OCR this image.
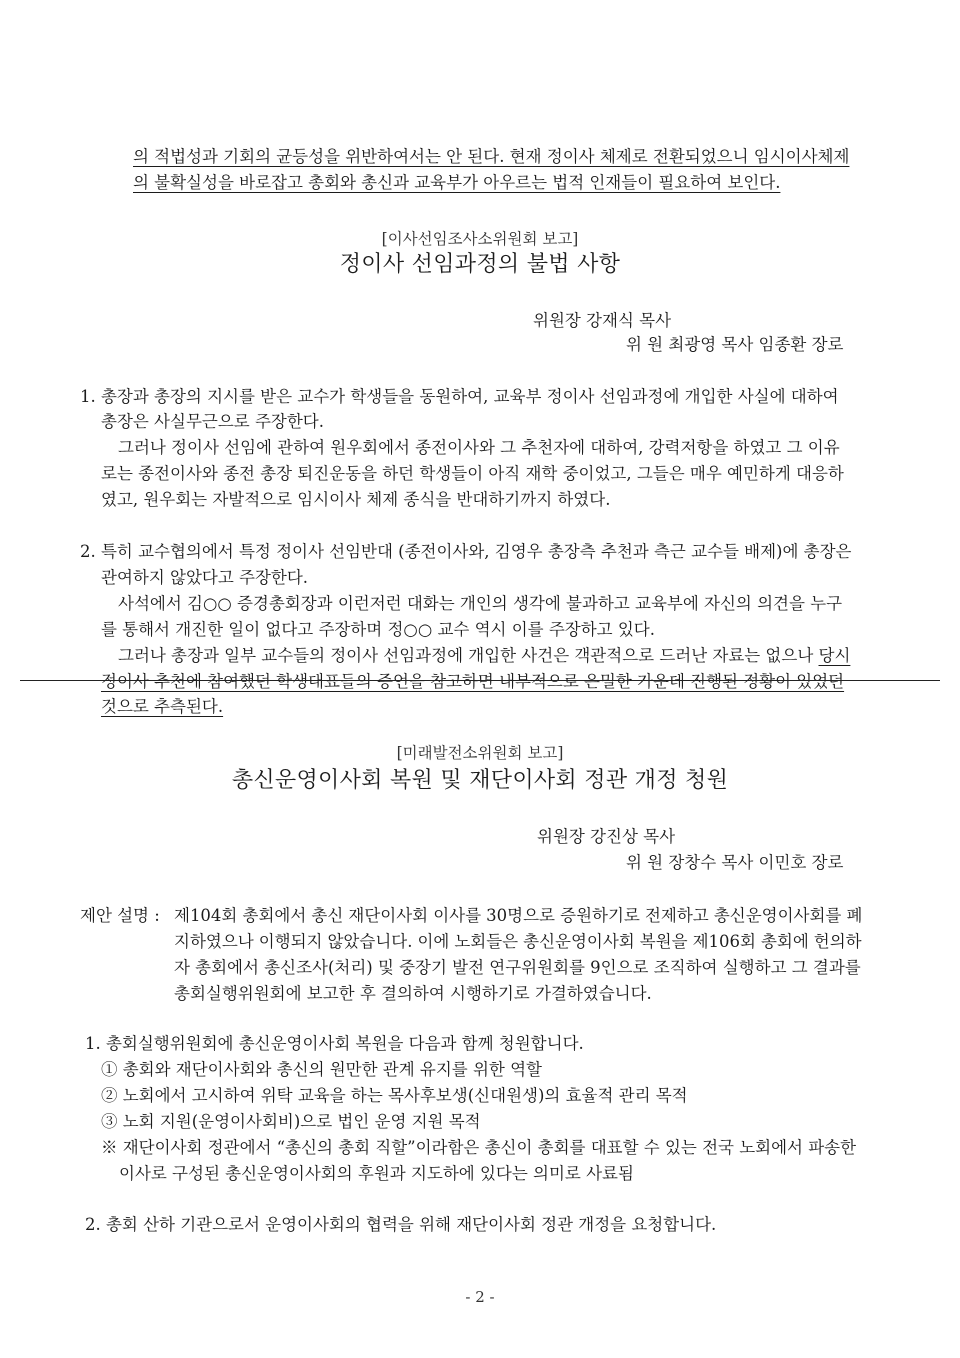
의 적법성과 기회의 균등성을 위반하여서는 안 된다. 현재 정이사 체제로 전환되었으니 임시이사체제
의 불확실성을 바로잡고 총회와 총신과 교육부가 아우르는 법적 인재들이 필요하여 보인다.
[이사선임조사소위원회 보고]
정이사 선임과정의 불법 사항
위원장 강재식 목사
위 원 최광영 목사 임종환 장로
1. 총장과 총장의 지시를 받은 교수가 학생들을 동원하여, 교육부 정이사 선임과정에 개입한 사실에 대하여
총장은 사실무근으로 주장한다.
그러나 정이사 선임에 관하여 원우회에서 종전이사와 그 추천자에 대하여, 강력저항을 하였고 그 이유
로는 종전이사와 종전 총장 퇴진운동을 하던 학생들이 아직 재학 중이었고, 그들은 매우 예민하게 대응하
였고, 원우회는 자발적으로 임시이사 체제 종식을 반대하기까지 하였다.
2. 특히 교수협의에서 특정 정이사 선임반대 (종전이사와, 김영우 총장측 추천과 측근 교수들 배제)에 총장은
관여하지 않았다고 주장한다.
사석에서 김○○ 증경총회장과 이런저런 대화는 개인의 생각에 불과하고 교육부에 자신의 의견을 누구
를 통해서 개진한 일이 없다고 주장하며 정○○ 교수 역시 이를 주장하고 있다.
그러나 총장과 일부 교수들의 정이사 선임과정에 개입한 사건은 객관적으로 드러난 자료는 없으나 당시
정이사 추천에 참여했던 학생대표들의 증언을 참고하면 내부적으로 은밀한 가운데 진행된 정황이 있었던
것으로 추측된다.
[미래발전소위원회 보고]
총신운영이사회 복원 및 재단이사회 정관 개정 청원
위원장 강진상 목사
위 원 장창수 목사 이민호 장로
제안 설명 : 제104회 총회에서 총신 재단이사회 이사를 30명으로 증원하기로 전제하고 총신운영이사회를 폐
지하였으나 이행되지 않았습니다. 이에 노회들은 총신운영이사회 복원을 제106회 총회에 헌의하
자 총회에서 총신조사(처리) 및 중장기 발전 연구위원회를 9인으로 조직하여 실행하고 그 결과를
총회실행위원회에 보고한 후 결의하여 시행하기로 가결하였습니다.
1. 총회실행위원회에 총신운영이사회 복원을 다음과 함께 청원합니다.
① 총회와 재단이사회와 총신의 원만한 관계 유지를 위한 역할
② 노회에서 고시하여 위탁 교육을 하는 목사후보생(신대원생)의 효율적 관리 목적
③ 노회 지원(운영이사회비)으로 법인 운영 지원 목적
※ 재단이사회 정관에서 “총신의 총회 직할”이라함은 총신이 총회를 대표할 수 있는 전국 노회에서 파송한
이사로 구성된 총신운영이사회의 후원과 지도하에 있다는 의미로 사료됨
2. 총회 산하 기관으로서 운영이사회의 협력을 위해 재단이사회 정관 개정을 요청합니다.
- 2 -
